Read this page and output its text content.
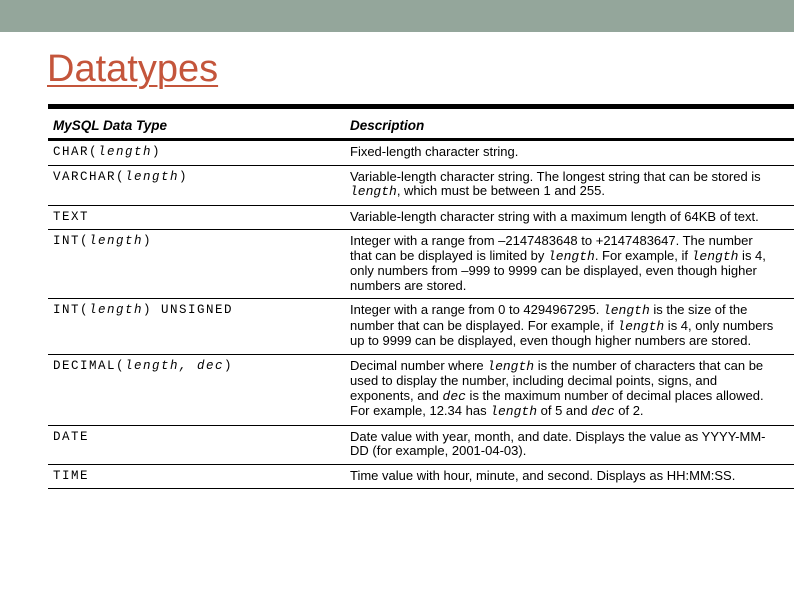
Datatypes
MySQL Data Type	Description
CHAR(length)	Fixed-length character string.
VARCHAR(length)	Variable-length character string. The longest string that can be stored is length, which must be between 1 and 255.
TEXT	Variable-length character string with a maximum length of 64KB of text.
INT(length)	Integer with a range from –2147483648 to +2147483647. The number that can be displayed is limited by length. For example, if length is 4, only numbers from –999 to 9999 can be displayed, even though higher numbers are stored.
INT(length) UNSIGNED	Integer with a range from 0 to 4294967295. length is the size of the number that can be displayed. For example, if length is 4, only numbers up to 9999 can be displayed, even though higher numbers are stored.
DECIMAL(length, dec)	Decimal number where length is the number of characters that can be used to display the number, including decimal points, signs, and exponents, and dec is the maximum number of decimal places allowed. For example, 12.34 has length of 5 and dec of 2.
DATE	Date value with year, month, and date. Displays the value as YYYY-MM-DD (for example, 2001-04-03).
TIME	Time value with hour, minute, and second. Displays as HH:MM:SS.
